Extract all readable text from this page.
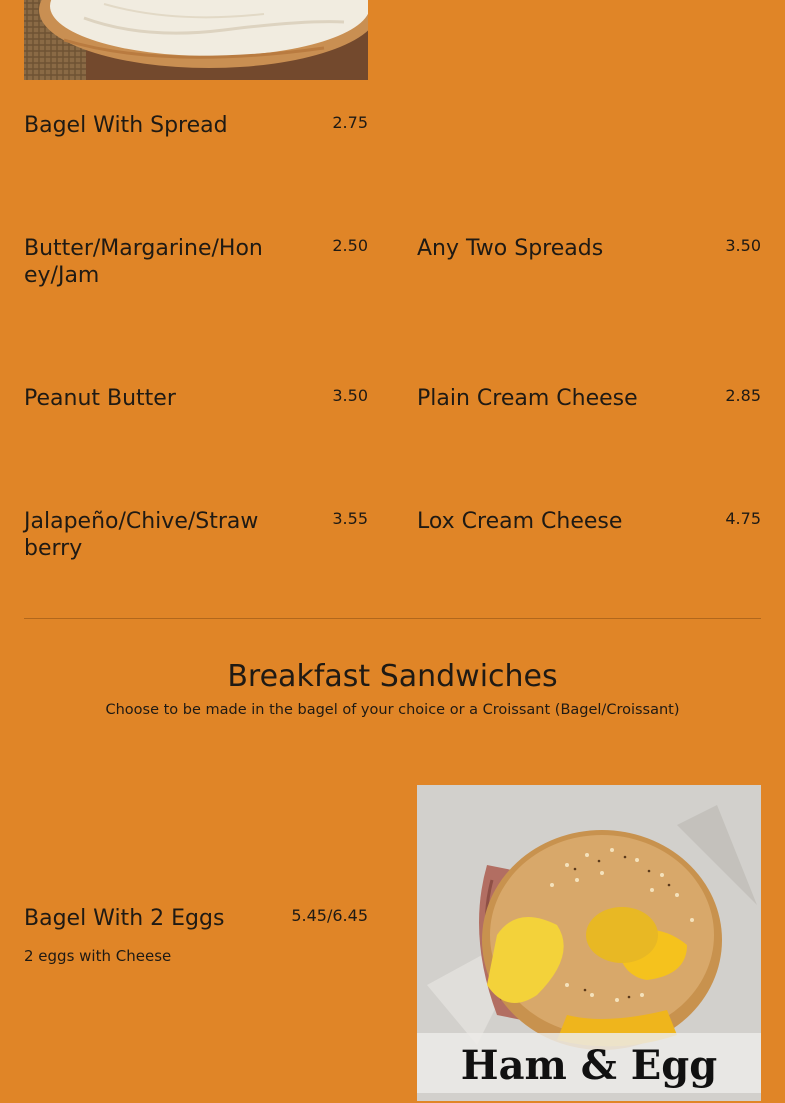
Bagel With Spread	2.75
Butter/Margarine/Honey/Jam
2.50 Any Two Spreads	3.50
Peanut Butter	3.50 Plain Cream Cheese	2.85
Jalapeño/Chive/Strawberry
3.55 Lox Cream Cheese	4.75
Breakfast Sandwiches
Choose to be made in the bagel of your choice or a Croissant (Bagel/Croissant)
Bagel With 2 Eggs	5.45/6.45
2 eggs with Cheese
Ham & Egg
